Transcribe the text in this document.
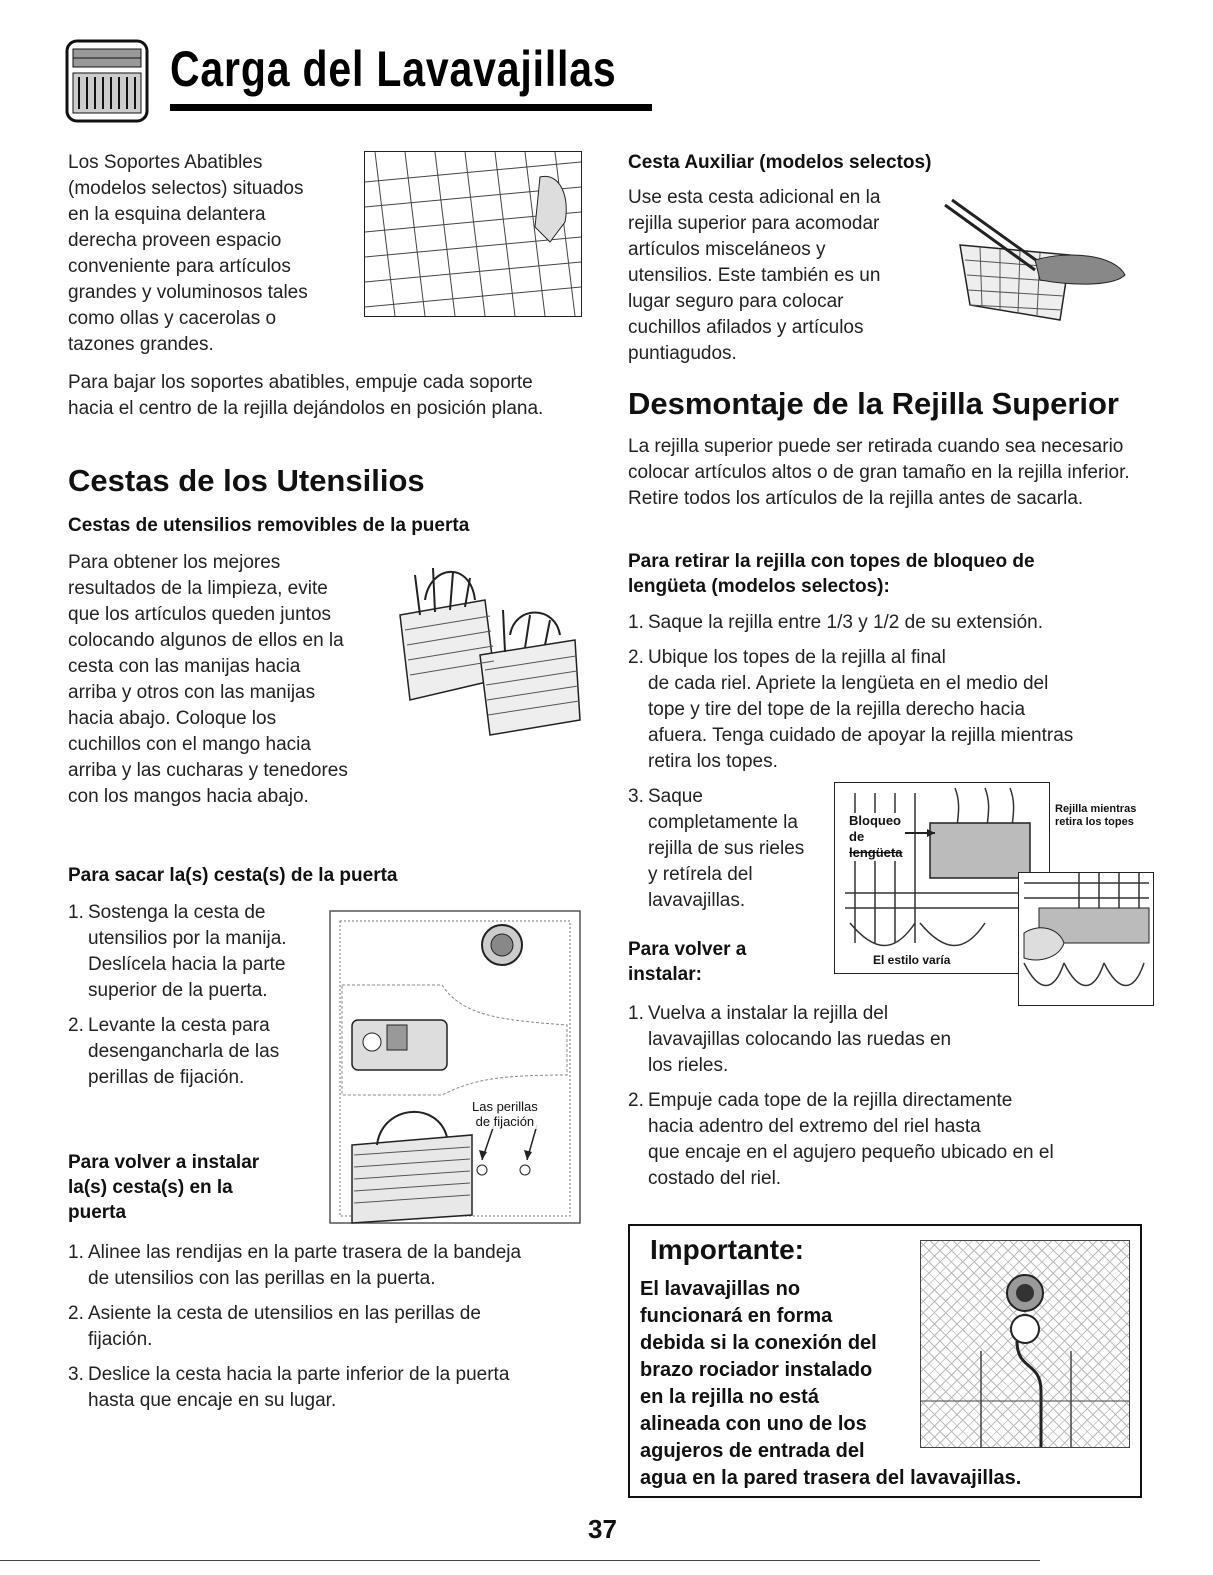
Carga del Lavavajillas

Los Soportes Abatibles

(modelos selectos) situados

en la esquina delantera

derecha proveen espacio

conveniente para artículos

grandes y voluminosos tales

como ollas y cacerolas o

tazones grandes.

Para bajar los soportes abatibles, empuje cada soporte hacia el centro de la rejilla dejándolos en posición plana.

Cestas de los Utensilios
Cestas de utensilios removibles de la puerta

Para obtener los mejores

resultados de la limpieza, evite

que los artículos queden juntos

colocando algunos de ellos en la

cesta con las manijas hacia

arriba y otros con las manijas

hacia abajo. Coloque los

cuchillos con el mango hacia

arriba y las cucharas y tenedores

con los mangos hacia abajo.

Para sacar la(s) cesta(s) de la puerta
1. Sostenga la cesta de
utensilios por la manija.
Deslícela hacia la parte
superior de la puerta.
2. Levante la cesta para
desengancharla de las
perillas de fijación.
Para volver a instalar
la(s) cesta(s) en la
puerta
Las perillas
de fijación
1. Alinee las rendijas en la parte trasera de la bandeja
de utensilios con las perillas en la puerta.
2. Asiente la cesta de utensilios en las perillas de
fijación.
3. Deslice la cesta hacia la parte inferior de la puerta
hasta que encaje en su lugar.
Cesta Auxiliar (modelos selectos)

Use esta cesta adicional en la

rejilla superior para acomodar

artículos misceláneos y

utensilios. Este también es un

lugar seguro para colocar

cuchillos afilados y artículos

puntiagudos.

Desmontaje de la Rejilla Superior

La rejilla superior puede ser retirada cuando sea necesario colocar artículos altos o de gran tamaño en la rejilla inferior. Retire todos los artículos de la rejilla antes de sacarla.

Para retirar la rejilla con topes de bloqueo de
lengüeta (modelos selectos):
1. Saque la rejilla entre 1/3 y 1/2 de su extensión.
2. Ubique los topes de la rejilla al final
de cada riel. Apriete la lengüeta en el medio del
tope y tire del tope de la rejilla derecho hacia
afuera. Tenga cuidado de apoyar la rejilla mientras
retira los topes.
3. Saque
completamente la
rejilla de sus rieles
y retírela del
lavavajillas.
Bloqueo
de
lengüeta
El estilo varía
Rejilla mientras
retira los topes
Para volver a
instalar:
1. Vuelva a instalar la rejilla del
lavavajillas colocando las ruedas en
los rieles.
2. Empuje cada tope de la rejilla directamente
hacia adentro del extremo del riel hasta
que encaje en el agujero pequeño ubicado en el
costado del riel.
Importante:
El lavavajillas no
funcionará en forma
debida si la conexión del
brazo rociador instalado
en la rejilla no está
alineada con uno de los
agujeros de entrada del
agua en la pared trasera del lavavajillas.
37
